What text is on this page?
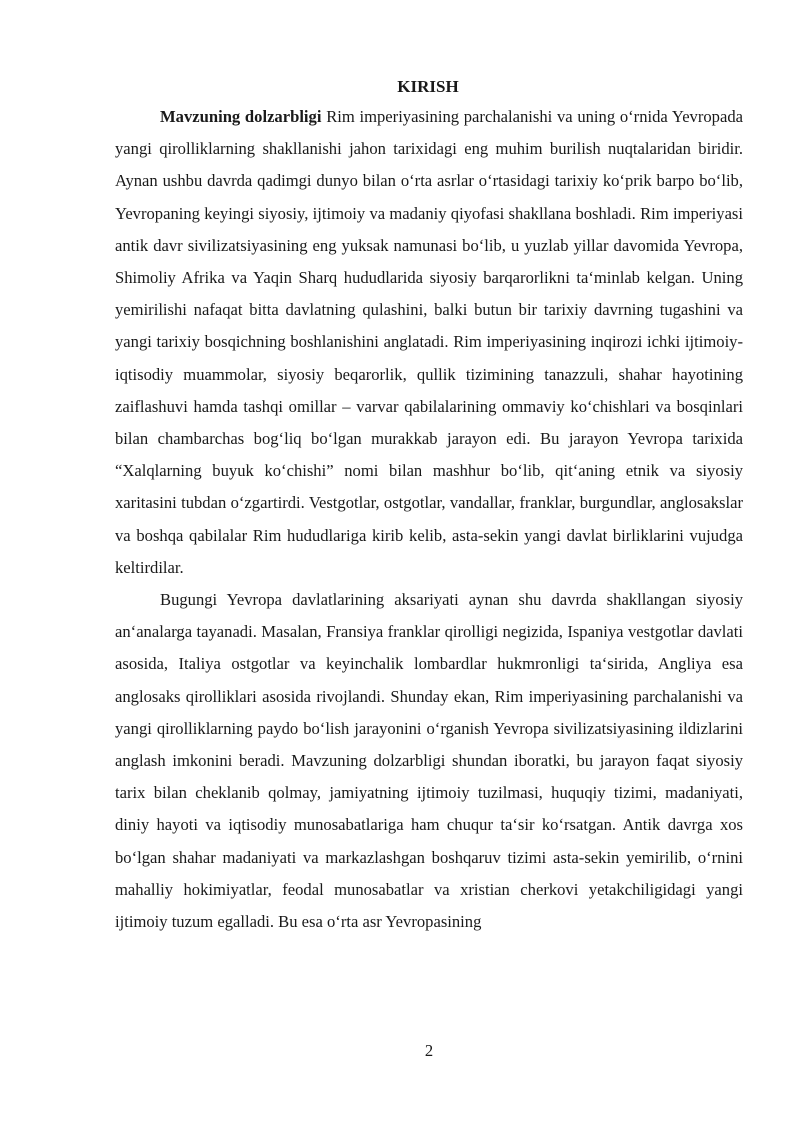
KIRISH

Mavzuning dolzarbligi Rim imperiyasining parchalanishi va uning o‘rnida Yevropada yangi qirolliklarning shakllanishi jahon tarixidagi eng muhim burilish nuqtalaridan biridir. Aynan ushbu davrda qadimgi dunyo bilan o‘rta asrlar o‘rtasidagi tarixiy ko‘prik barpo bo‘lib, Yevropaning keyingi siyosiy, ijtimoiy va madaniy qiyofasi shakllana boshladi. Rim imperiyasi antik davr sivilizatsiyasining eng yuksak namunasi bo‘lib, u yuzlab yillar davomida Yevropa, Shimoliy Afrika va Yaqin Sharq hududlarida siyosiy barqarorlikni ta‘minlab kelgan. Uning yemirilishi nafaqat bitta davlatning qulashini, balki butun bir tarixiy davrning tugashini va yangi tarixiy bosqichning boshlanishini anglatadi. Rim imperiyasining inqirozi ichki ijtimoiy-iqtisodiy muammolar, siyosiy beqarorlik, qullik tizimining tanazzuli, shahar hayotining zaiflashuvi hamda tashqi omillar – varvar qabilalarining ommaviy ko‘chishlari va bosqinlari bilan chambarchas bog‘liq bo‘lgan murakkab jarayon edi. Bu jarayon Yevropa tarixida “Xalqlarning buyuk ko‘chishi” nomi bilan mashhur bo‘lib, qit‘aning etnik va siyosiy xaritasini tubdan o‘zgartirdi. Vestgotlar, ostgotlar, vandallar, franklar, burgundlar, anglosakslar va boshqa qabilalar Rim hududlariga kirib kelib, asta-sekin yangi davlat birliklarini vujudga keltirdilar.

Bugungi Yevropa davlatlarining aksariyati aynan shu davrda shakllangan siyosiy an‘analarga tayanadi. Masalan, Fransiya franklar qirolligi negizida, Ispaniya vestgotlar davlati asosida, Italiya ostgotlar va keyinchalik lombardlar hukmronligi ta‘sirida, Angliya esa anglosaks qirolliklari asosida rivojlandi. Shunday ekan, Rim imperiyasining parchalanishi va yangi qirolliklarning paydo bo‘lish jarayonini o‘rganish Yevropa sivilizatsiyasining ildizlarini anglash imkonini beradi. Mavzuning dolzarbligi shundan iboratki, bu jarayon faqat siyosiy tarix bilan cheklanib qolmay, jamiyatning ijtimoiy tuzilmasi, huquqiy tizimi, madaniyati, diniy hayoti va iqtisodiy munosabatlariga ham chuqur ta‘sir ko‘rsatgan. Antik davrga xos bo‘lgan shahar madaniyati va markazlashgan boshqaruv tizimi asta-sekin yemirilib, o‘rnini mahalliy hokimiyatlar, feodal munosabatlar va xristian cherkovi yetakchiligidagi yangi ijtimoiy tuzum egalladi. Bu esa o‘rta asr Yevropasining

2
